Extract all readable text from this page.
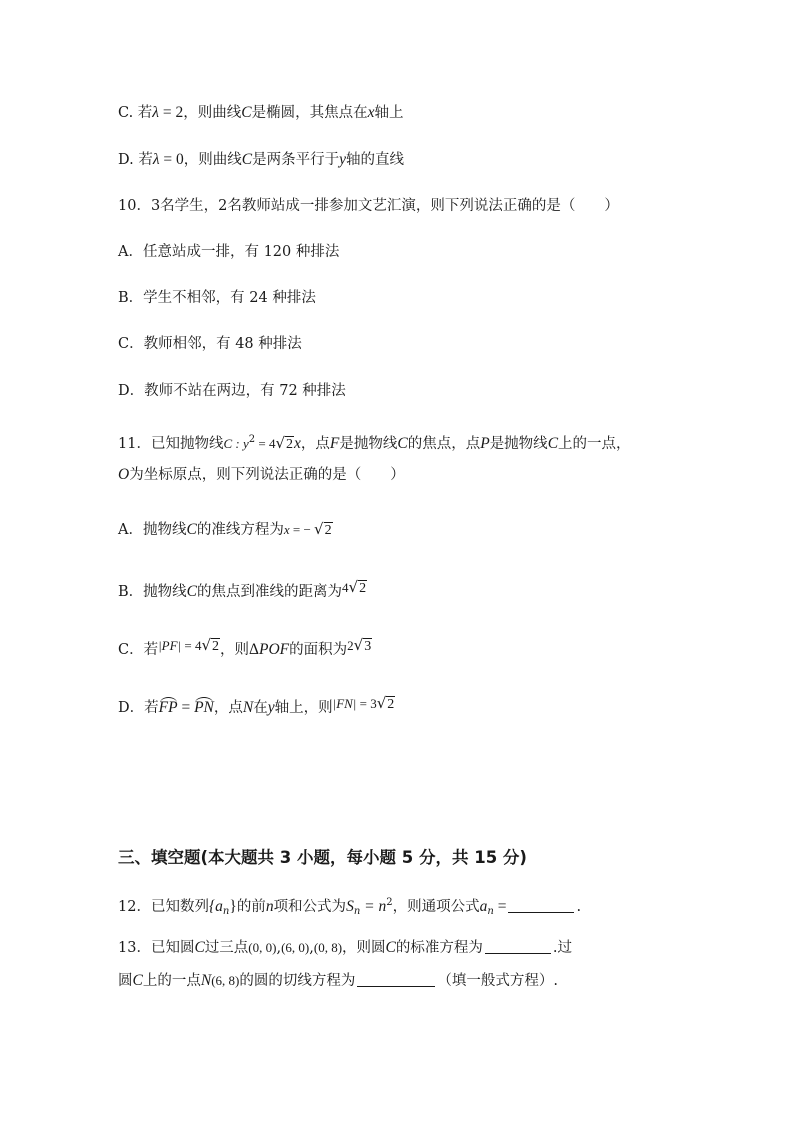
C. 若λ = 2，则曲线C是椭圆，其焦点在x轴上
D. 若λ = 0，则曲线C是两条平行于y轴的直线
10．3名学生，2名教师站成一排参加文艺汇演，则下列说法正确的是（　　）
A．任意站成一排，有 120 种排法
B．学生不相邻，有 24 种排法
C．教师相邻，有 48 种排法
D．教师不站在两边，有 72 种排法
11．已知抛物线C : $y^2 = 4√2x$，点F是抛物线C的焦点，点P是抛物线C上的一点，
O为坐标原点，则下列说法正确的是（　　）
A．抛物线C的准线方程为x = − √2
B．抛物线C的焦点到准线的距离为4√2
C．若|PF| = 4√2，则ΔPOF的面积为2√3
D．若FP = PN，点N在y轴上，则|FN| = 3√2
三、填空题(本大题共 3 小题，每小题 5 分，共 15 分)
12．已知数列$\{a_n\}$的前n项和公式为$S_n = n^2$，则通项公式$a_n$ =	.
13．已知圆C过三点(0, 0),(6, 0),(0, 8)，则圆C的标准方程为	.过
圆C上的一点N(6, 8)的圆的切线方程为	（填一般式方程）.
